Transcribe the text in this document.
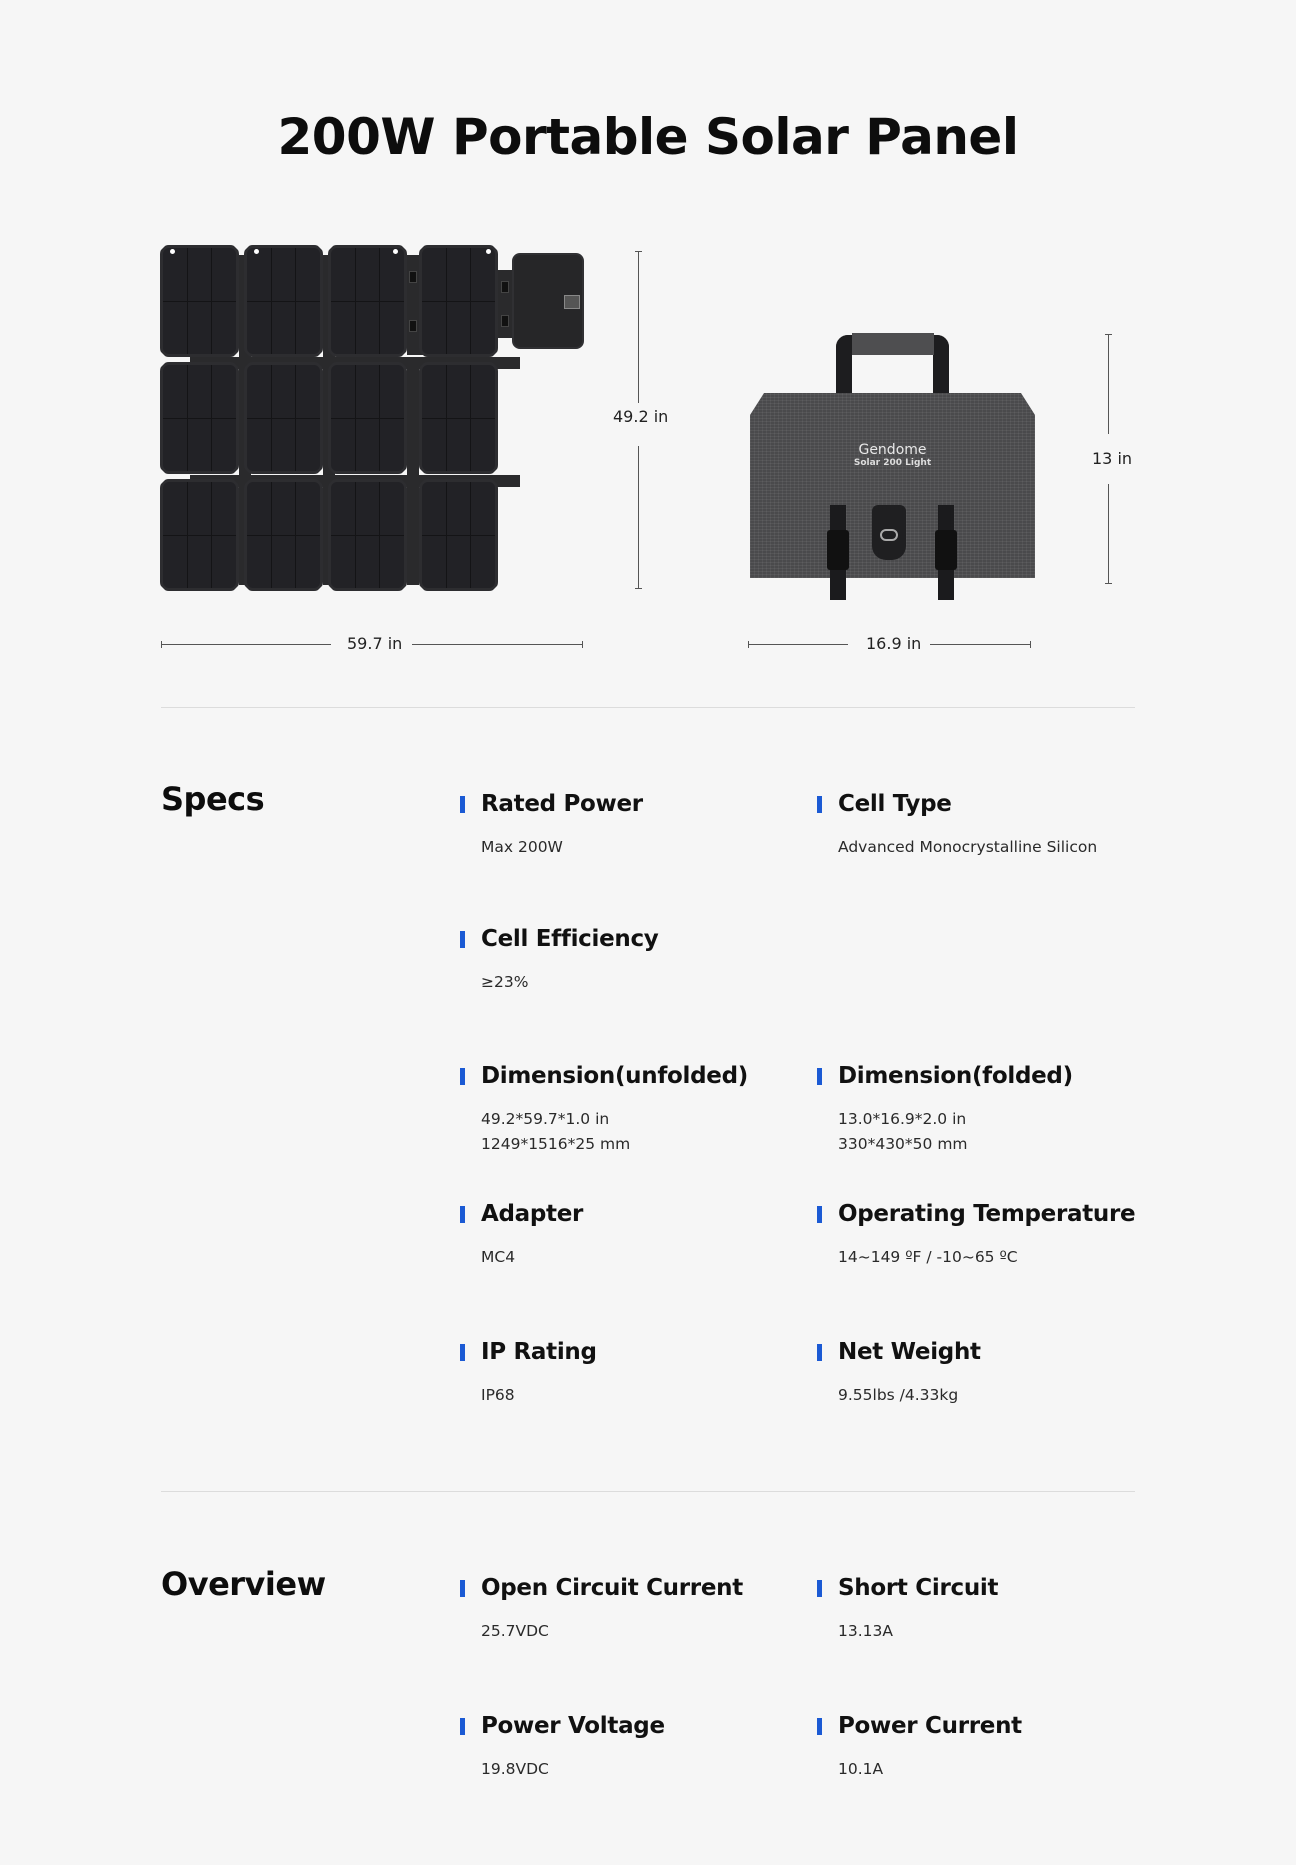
200W Portable Solar Panel
49.2 in
59.7 in
Gendome
Solar 200 Light	13 in
16.9 in
Specs	Rated Power
Max 200W
Cell Type
Advanced Monocrystalline Silicon
Cell Efficiency
≥23%
Dimension(unfolded)
49.2*59.7*1.0 in
1249*1516*25 mm
Dimension(folded)
13.0*16.9*2.0 in
330*430*50 mm
Adapter
MC4
Operating Temperature
14~149 ºF / -10~65 ºC
IP Rating
IP68
Net Weight
9.55lbs /4.33kg
Overview	Open Circuit Current
25.7VDC
Short Circuit
13.13A
Power Voltage
19.8VDC
Power Current
10.1A
